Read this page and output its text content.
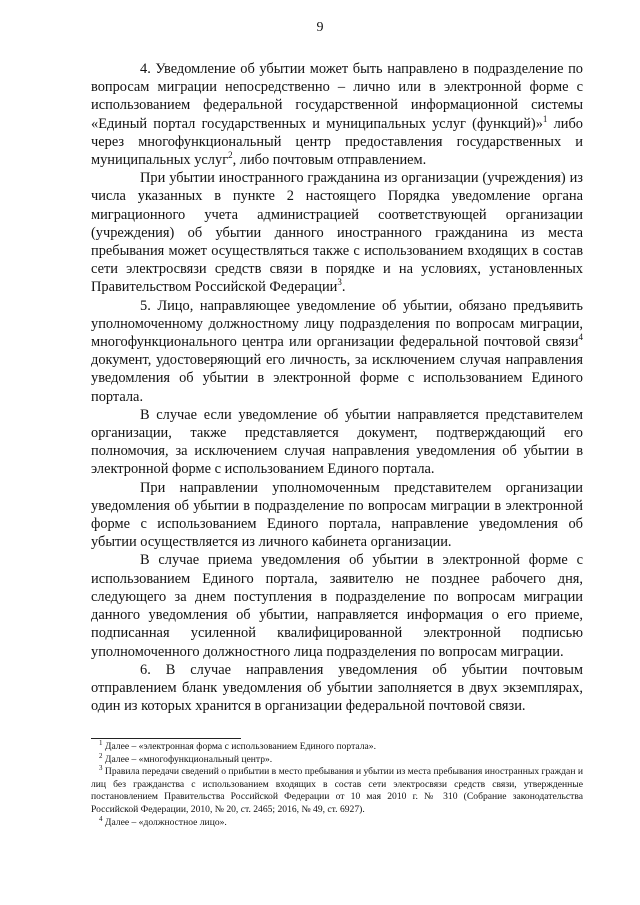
9

4. Уведомление об убытии может быть направлено в подразделение по вопросам миграции непосредственно – лично или в электронной форме с использованием федеральной государственной информационной системы «Единый портал государственных и муниципальных услуг (функций)»$^1$ либо через многофункциональный центр предоставления государственных и муниципальных услуг$^2$, либо почтовым отправлением.

При убытии иностранного гражданина из организации (учреждения) из числа указанных в пункте 2 настоящего Порядка уведомление органа миграционного учета администрацией соответствующей организации (учреждения) об убытии данного иностранного гражданина из места пребывания может осуществляться также с использованием входящих в состав сети электросвязи средств связи в порядке и на условиях, установленных Правительством Российской Федерации$^3$.

5. Лицо, направляющее уведомление об убытии, обязано предъявить уполномоченному должностному лицу подразделения по вопросам миграции, многофункционального центра или организации федеральной почтовой связи$^4$ документ, удостоверяющий его личность, за исключением случая направления уведомления об убытии в электронной форме с использованием Единого портала.

В случае если уведомление об убытии направляется представителем организации, также представляется документ, подтверждающий его полномочия, за исключением случая направления уведомления об убытии в электронной форме с использованием Единого портала.

При направлении уполномоченным представителем организации уведомления об убытии в подразделение по вопросам миграции в электронной форме с использованием Единого портала, направление уведомления об убытии осуществляется из личного кабинета организации.

В случае приема уведомления об убытии в электронной форме с использованием Единого портала, заявителю не позднее рабочего дня, следующего за днем поступления в подразделение по вопросам миграции данного уведомления об убытии, направляется информация о его приеме, подписанная усиленной квалифицированной электронной подписью уполномоченного должностного лица подразделения по вопросам миграции.

6. В случае направления уведомления об убытии почтовым отправлением бланк уведомления об убытии заполняется в двух экземплярах, один из которых хранится в организации федеральной почтовой связи.

$^1$ Далее – «электронная форма с использованием Единого портала».

$^2$ Далее – «многофункциональный центр».

$^3$ Правила передачи сведений о прибытии в место пребывания и убытии из места пребывания иностранных граждан и лиц без гражданства с использованием входящих в состав сети электросвязи средств связи, утвержденные постановлением Правительства Российской Федерации от 10 мая 2010 г. № 310 (Собрание законодательства Российской Федерации, 2010, № 20, ст. 2465; 2016, № 49, ст. 6927).

$^4$ Далее – «должностное лицо».
